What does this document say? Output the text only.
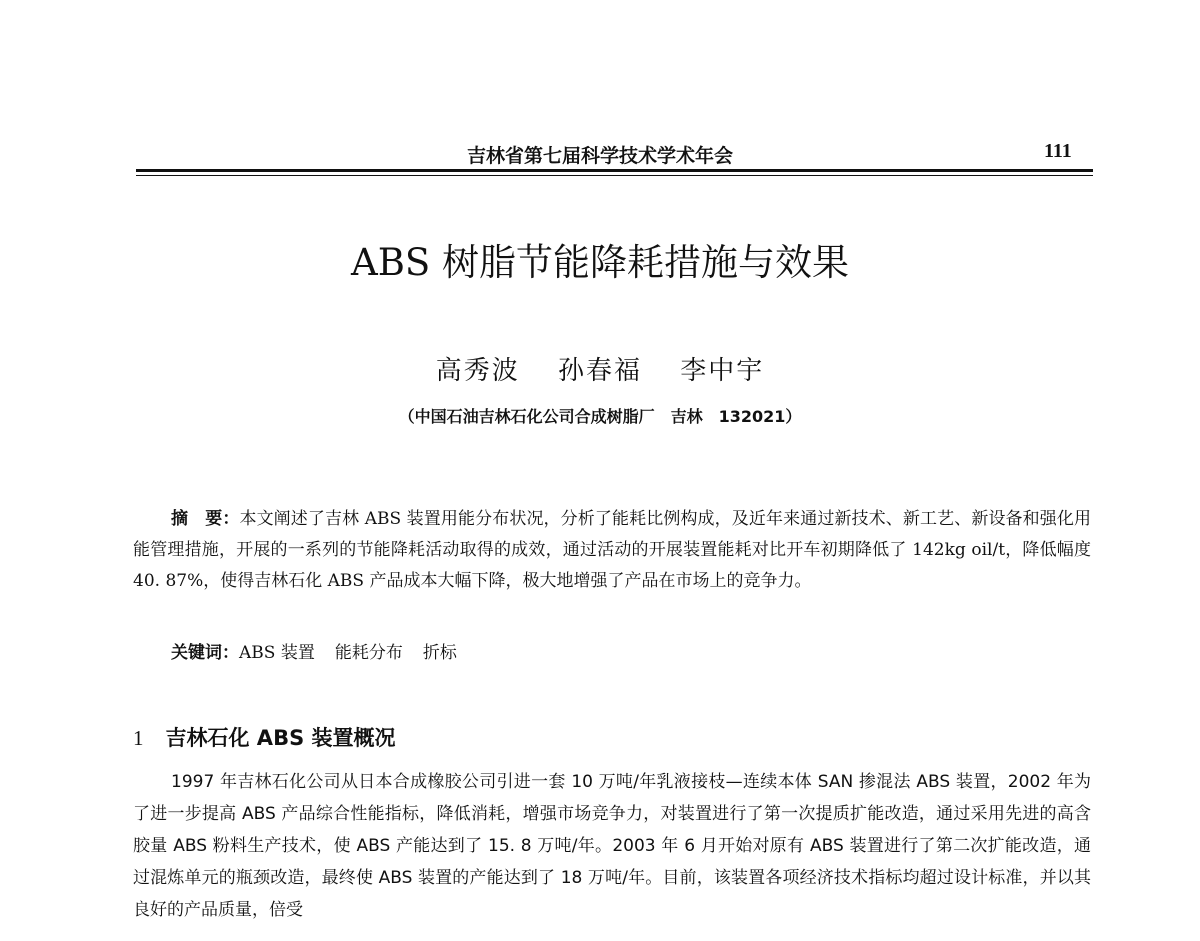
吉林省第七届科学技术学术年会	111
ABS 树脂节能降耗措施与效果
高秀波 孙春福 李中宇
（中国石油吉林石化公司合成树脂厂　吉林　132021）
摘　要：本文阐述了吉林 ABS 装置用能分布状况，分析了能耗比例构成，及近年来通过新技术、新工艺、新设备和强化用能管理措施，开展的一系列的节能降耗活动取得的成效，通过活动的开展装置能耗对比开车初期降低了 142kg oil/t，降低幅度 40. 87%，使得吉林石化 ABS 产品成本大幅下降，极大地增强了产品在市场上的竞争力。
关键词：ABS 装置 能耗分布 折标
1 吉林石化 ABS 装置概况
1997 年吉林石化公司从日本合成橡胶公司引进一套 10 万吨/年乳液接枝—连续本体 SAN 掺混法 ABS 装置，2002 年为了进一步提高 ABS 产品综合性能指标，降低消耗，增强市场竞争力，对装置进行了第一次提质扩能改造，通过采用先进的高含胶量 ABS 粉料生产技术，使 ABS 产能达到了 15. 8 万吨/年。2003 年 6 月开始对原有 ABS 装置进行了第二次扩能改造，通过混炼单元的瓶颈改造，最终使 ABS 装置的产能达到了 18 万吨/年。目前，该装置各项经济技术指标均超过设计标准，并以其良好的产品质量，倍受
